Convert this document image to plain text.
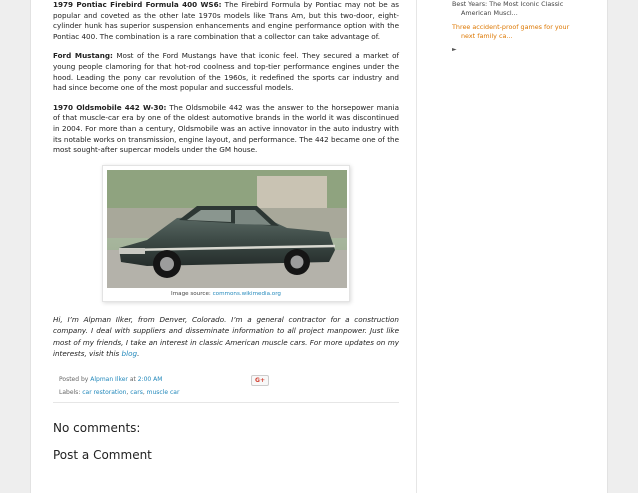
1979 Pontiac Firebird Formula 400 WS6: The Firebird Formula by Pontiac may not be as popular and coveted as the other late 1970s models like Trans Am, but this two-door, eight-cylinder hunk has superior suspension enhancements and engine performance option with the Pontiac 400. The combination is a rare combination that a collector can take advantage of.

Ford Mustang: Most of the Ford Mustangs have that iconic feel. They secured a market of young people clamoring for that hot-rod coolness and top-tier performance engines under the hood. Leading the pony car revolution of the 1960s, it redefined the sports car industry and had since become one of the most popular and successful models.

1970 Oldsmobile 442 W-30: The Oldsmobile 442 was the answer to the horsepower mania of that muscle-car era by one of the oldest automotive brands in the world it was discontinued in 2004. For more than a century, Oldsmobile was an active innovator in the auto industry with its notable works on transmission, engine layout, and performance. The 442 became one of the most sought-after supercar models under the GM house.

Image source: commons.wikimedia.org

Hi, I’m Alpman Ilker, from Denver, Colorado. I’m a general contractor for a construction company. I deal with suppliers and disseminate information to all project manpower. Just like most of my friends, I take an interest in classic American muscle cars. For more updates on my interests, visit this blog.

Posted by Alpman Ilker at 2:00 AM	G+
Labels: car restoration, cars, muscle car
No comments:
Post a Comment
Best Years: The Most Iconic Classic American Muscl...
Three accident-proof games for your next family ca...
►
